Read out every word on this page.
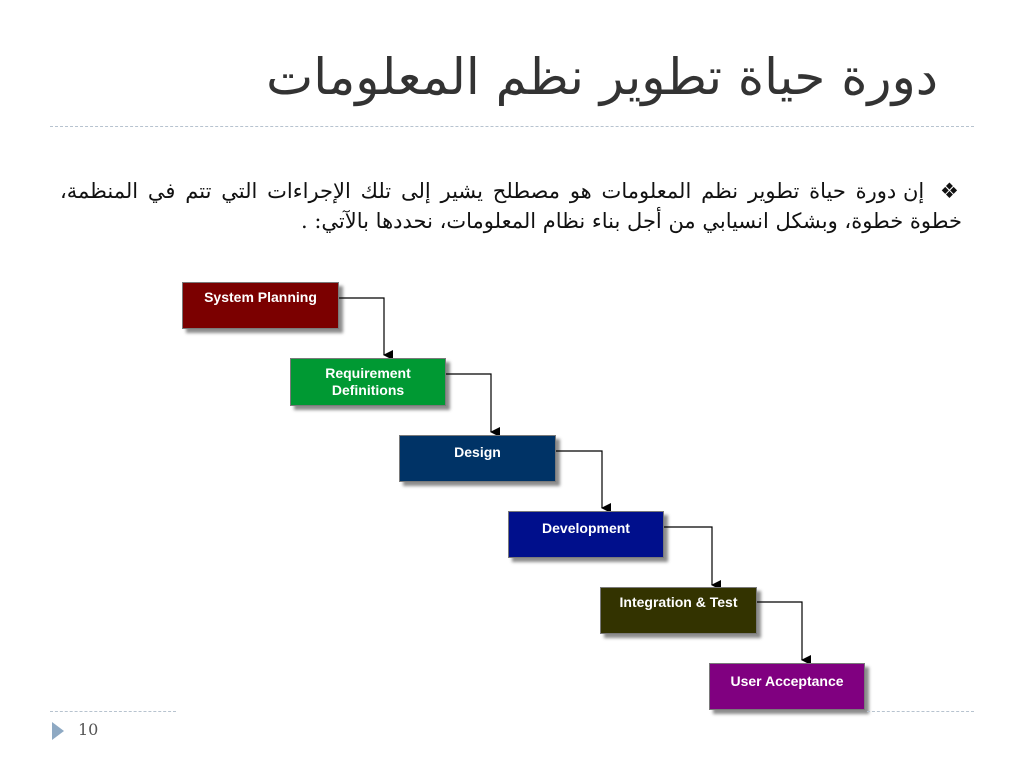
دورة حياة تطوير نظم المعلومات
❖ إن دورة حياة تطوير نظم المعلومات هو مصطلح يشير إلى تلك الإجراءات التي تتم في المنظمة، خطوة خطوة، وبشكل انسيابي من أجل بناء نظام المعلومات، نحددها بالآتي: .
System Planning
Requirement Definitions
Design
Development
Integration & Test
User Acceptance
10
